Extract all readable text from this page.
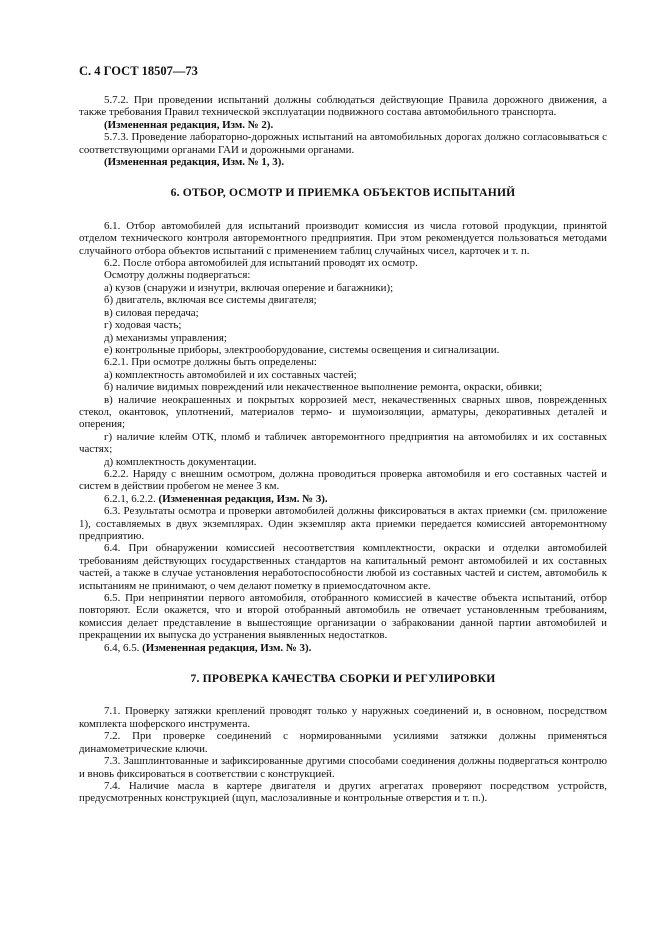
С. 4 ГОСТ 18507—73

5.7.2. При проведении испытаний должны соблюдаться действующие Правила дорожного движения, а также требования Правил технической эксплуатации подвижного состава автомобильного транспорта.

(Измененная редакция, Изм. № 2).

5.7.3. Проведение лабораторно-дорожных испытаний на автомобильных дорогах должно согласовываться с соответствующими органами ГАИ и дорожными органами.

(Измененная редакция, Изм. № 1, 3).

6. ОТБОР, ОСМОТР И ПРИЕМКА ОБЪЕКТОВ ИСПЫТАНИЙ

6.1. Отбор автомобилей для испытаний производит комиссия из числа готовой продукции, принятой отделом технического контроля авторемонтного предприятия. При этом рекомендуется пользоваться методами случайного отбора объектов испытаний с применением таблиц случайных чисел, карточек и т. п.

6.2. После отбора автомобилей для испытаний проводят их осмотр.

Осмотру должны подвергаться:

а) кузов (снаружи и изнутри, включая оперение и багажники);

б) двигатель, включая все системы двигателя;

в) силовая передача;

г) ходовая часть;

д) механизмы управления;

е) контрольные приборы, электрооборудование, системы освещения и сигнализации.

6.2.1. При осмотре должны быть определены:

а) комплектность автомобилей и их составных частей;

б) наличие видимых повреждений или некачественное выполнение ремонта, окраски, обивки;

в) наличие неокрашенных и покрытых коррозией мест, некачественных сварных швов, поврежденных стекол, окантовок, уплотнений, материалов термо- и шумоизоляции, арматуры, декоративных деталей и оперения;

г) наличие клейм ОТК, пломб и табличек авторемонтного предприятия на автомобилях и их составных частях;

д) комплектность документации.

6.2.2. Наряду с внешним осмотром, должна проводиться проверка автомобиля и его составных частей и систем в действии пробегом не менее 3 км.

6.2.1, 6.2.2. (Измененная редакция, Изм. № 3).

6.3. Результаты осмотра и проверки автомобилей должны фиксироваться в актах приемки (см. приложение 1), составляемых в двух экземплярах. Один экземпляр акта приемки передается комиссией авторемонтному предприятию.

6.4. При обнаружении комиссией несоответствия комплектности, окраски и отделки автомобилей требованиям действующих государственных стандартов на капитальный ремонт автомобилей и их составных частей, а также в случае установления неработоспособности любой из составных частей и систем, автомобиль к испытаниям не принимают, о чем делают пометку в приемосдаточном акте.

6.5. При непринятии первого автомобиля, отобранного комиссией в качестве объекта испытаний, отбор повторяют. Если окажется, что и второй отобранный автомобиль не отвечает установленным требованиям, комиссия делает представление в вышестоящие организации о забраковании данной партии автомобилей и прекращении их выпуска до устранения выявленных недостатков.

6.4, 6.5. (Измененная редакция, Изм. № 3).

7. ПРОВЕРКА КАЧЕСТВА СБОРКИ И РЕГУЛИРОВКИ

7.1. Проверку затяжки креплений проводят только у наружных соединений и, в основном, посредством комплекта шоферского инструмента.

7.2. При проверке соединений с нормированными усилиями затяжки должны применяться динамометрические ключи.

7.3. Зашплинтованные и зафиксированные другими способами соединения должны подвергаться контролю и вновь фиксироваться в соответствии с конструкцией.

7.4. Наличие масла в картере двигателя и других агрегатах проверяют посредством устройств, предусмотренных конструкцией (щуп, маслозаливные и контрольные отверстия и т. п.).
